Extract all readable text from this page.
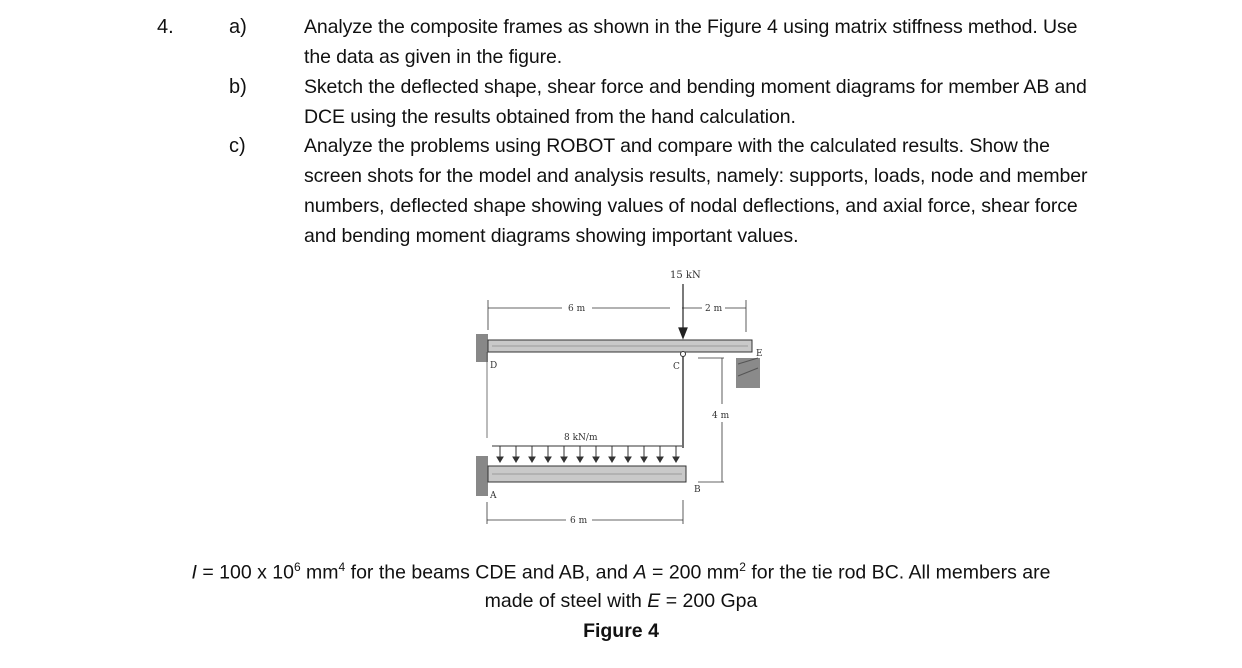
4.	a)	Analyze the composite frames as shown in the Figure 4 using matrix stiffness method. Use the data as given in the figure.
b)	Sketch the deflected shape, shear force and bending moment diagrams for member AB and DCE using the results obtained from the hand calculation.
c)	Analyze the problems using ROBOT and compare with the calculated results. Show the screen shots for the model and analysis results, namely: supports, loads, node and member numbers, deflected shape showing values of nodal deflections, and axial force, shear force and bending moment diagrams showing important values.
15 kN
6 m	2 m
E
D	C
4 m
8 kN/m
A
B
6 m
I = 100 x $10^6$ $mm^4$ for the beams CDE and AB, and A = 200 $mm^2$ for the tie rod BC. All members are
made of steel with E = 200 Gpa
Figure 4
